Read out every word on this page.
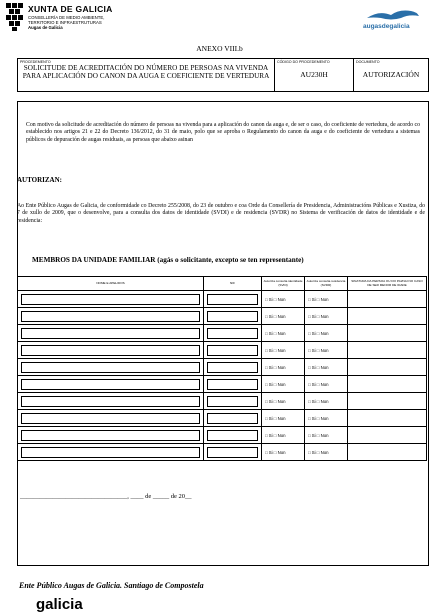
XUNTA DE GALICIA
CONSELLERÍA DE MEDIO AMBIENTE,
TERRITORIO E INFRAESTRUTURAS
Augas de Galicia	augasdegalicia
ANEXO VIII.b
PROCEDEMENTO
SOLICITUDE DE ACREDITACIÓN DO NÚMERO DE PERSOAS NA VIVENDA PARA APLICACIÓN DO CANON DA AUGA E COEFICIENTE DE VERTEDURA

CÓDIGO DO PROCEDEMENTO
AU230H

DOCUMENTO
AUTORIZACIÓN
Con motivo da solicitude de acreditación do número de persoas na vivenda para a aplicación do canon da auga e, de ser o caso, do coeficiente de vertedura, de acordo co establecido nos artigos 21 e 22 do Decreto 136/2012, do 31 de maio, polo que se aproba o Regulamento do canon da auga e do coeficiente de vertedura a sistemas públicos de depuración de augas residuais, as persoas que abaixo asinan
AUTORIZAN:
Ao Ente Público Augas de Galicia, de conformidade co Decreto 255/2008, do 23 de outubro e coa Orde da Consellería de Presidencia, Administracións Públicas e Xustiza, do 7 de xullo de 2009, que o desenvolve, para a consulta dos datos de identidade (SVDI) e de residencia (SVDR) no Sistema de verificación de datos de identidade e de residencia:
MEMBROS DA UNIDADE FAMILIAR (agás o solicitante, excepto se ten representante)
NOME E APELIDOS	NIF	Autoriza consulta identidade (SVDI)	Autoriza consulta residencia (SVDR)	SINATURA DA PERSOA OU DO PAI/NAI NO CASO DE SER MENOR DE IDADE

		□ Si □ Non	□ Si □ Non	

		□ Si □ Non	□ Si □ Non	

		□ Si □ Non	□ Si □ Non	

		□ Si □ Non	□ Si □ Non	

		□ Si □ Non	□ Si □ Non	

		□ Si □ Non	□ Si □ Non	

		□ Si □ Non	□ Si □ Non	

		□ Si □ Non	□ Si □ Non	

		□ Si □ Non	□ Si □ Non	

		□ Si □ Non	□ Si □ Non	

_________________________________, ____ de _____ de 20__
Ente Público Augas de Galicia. Santiago de Compostela
galicia
